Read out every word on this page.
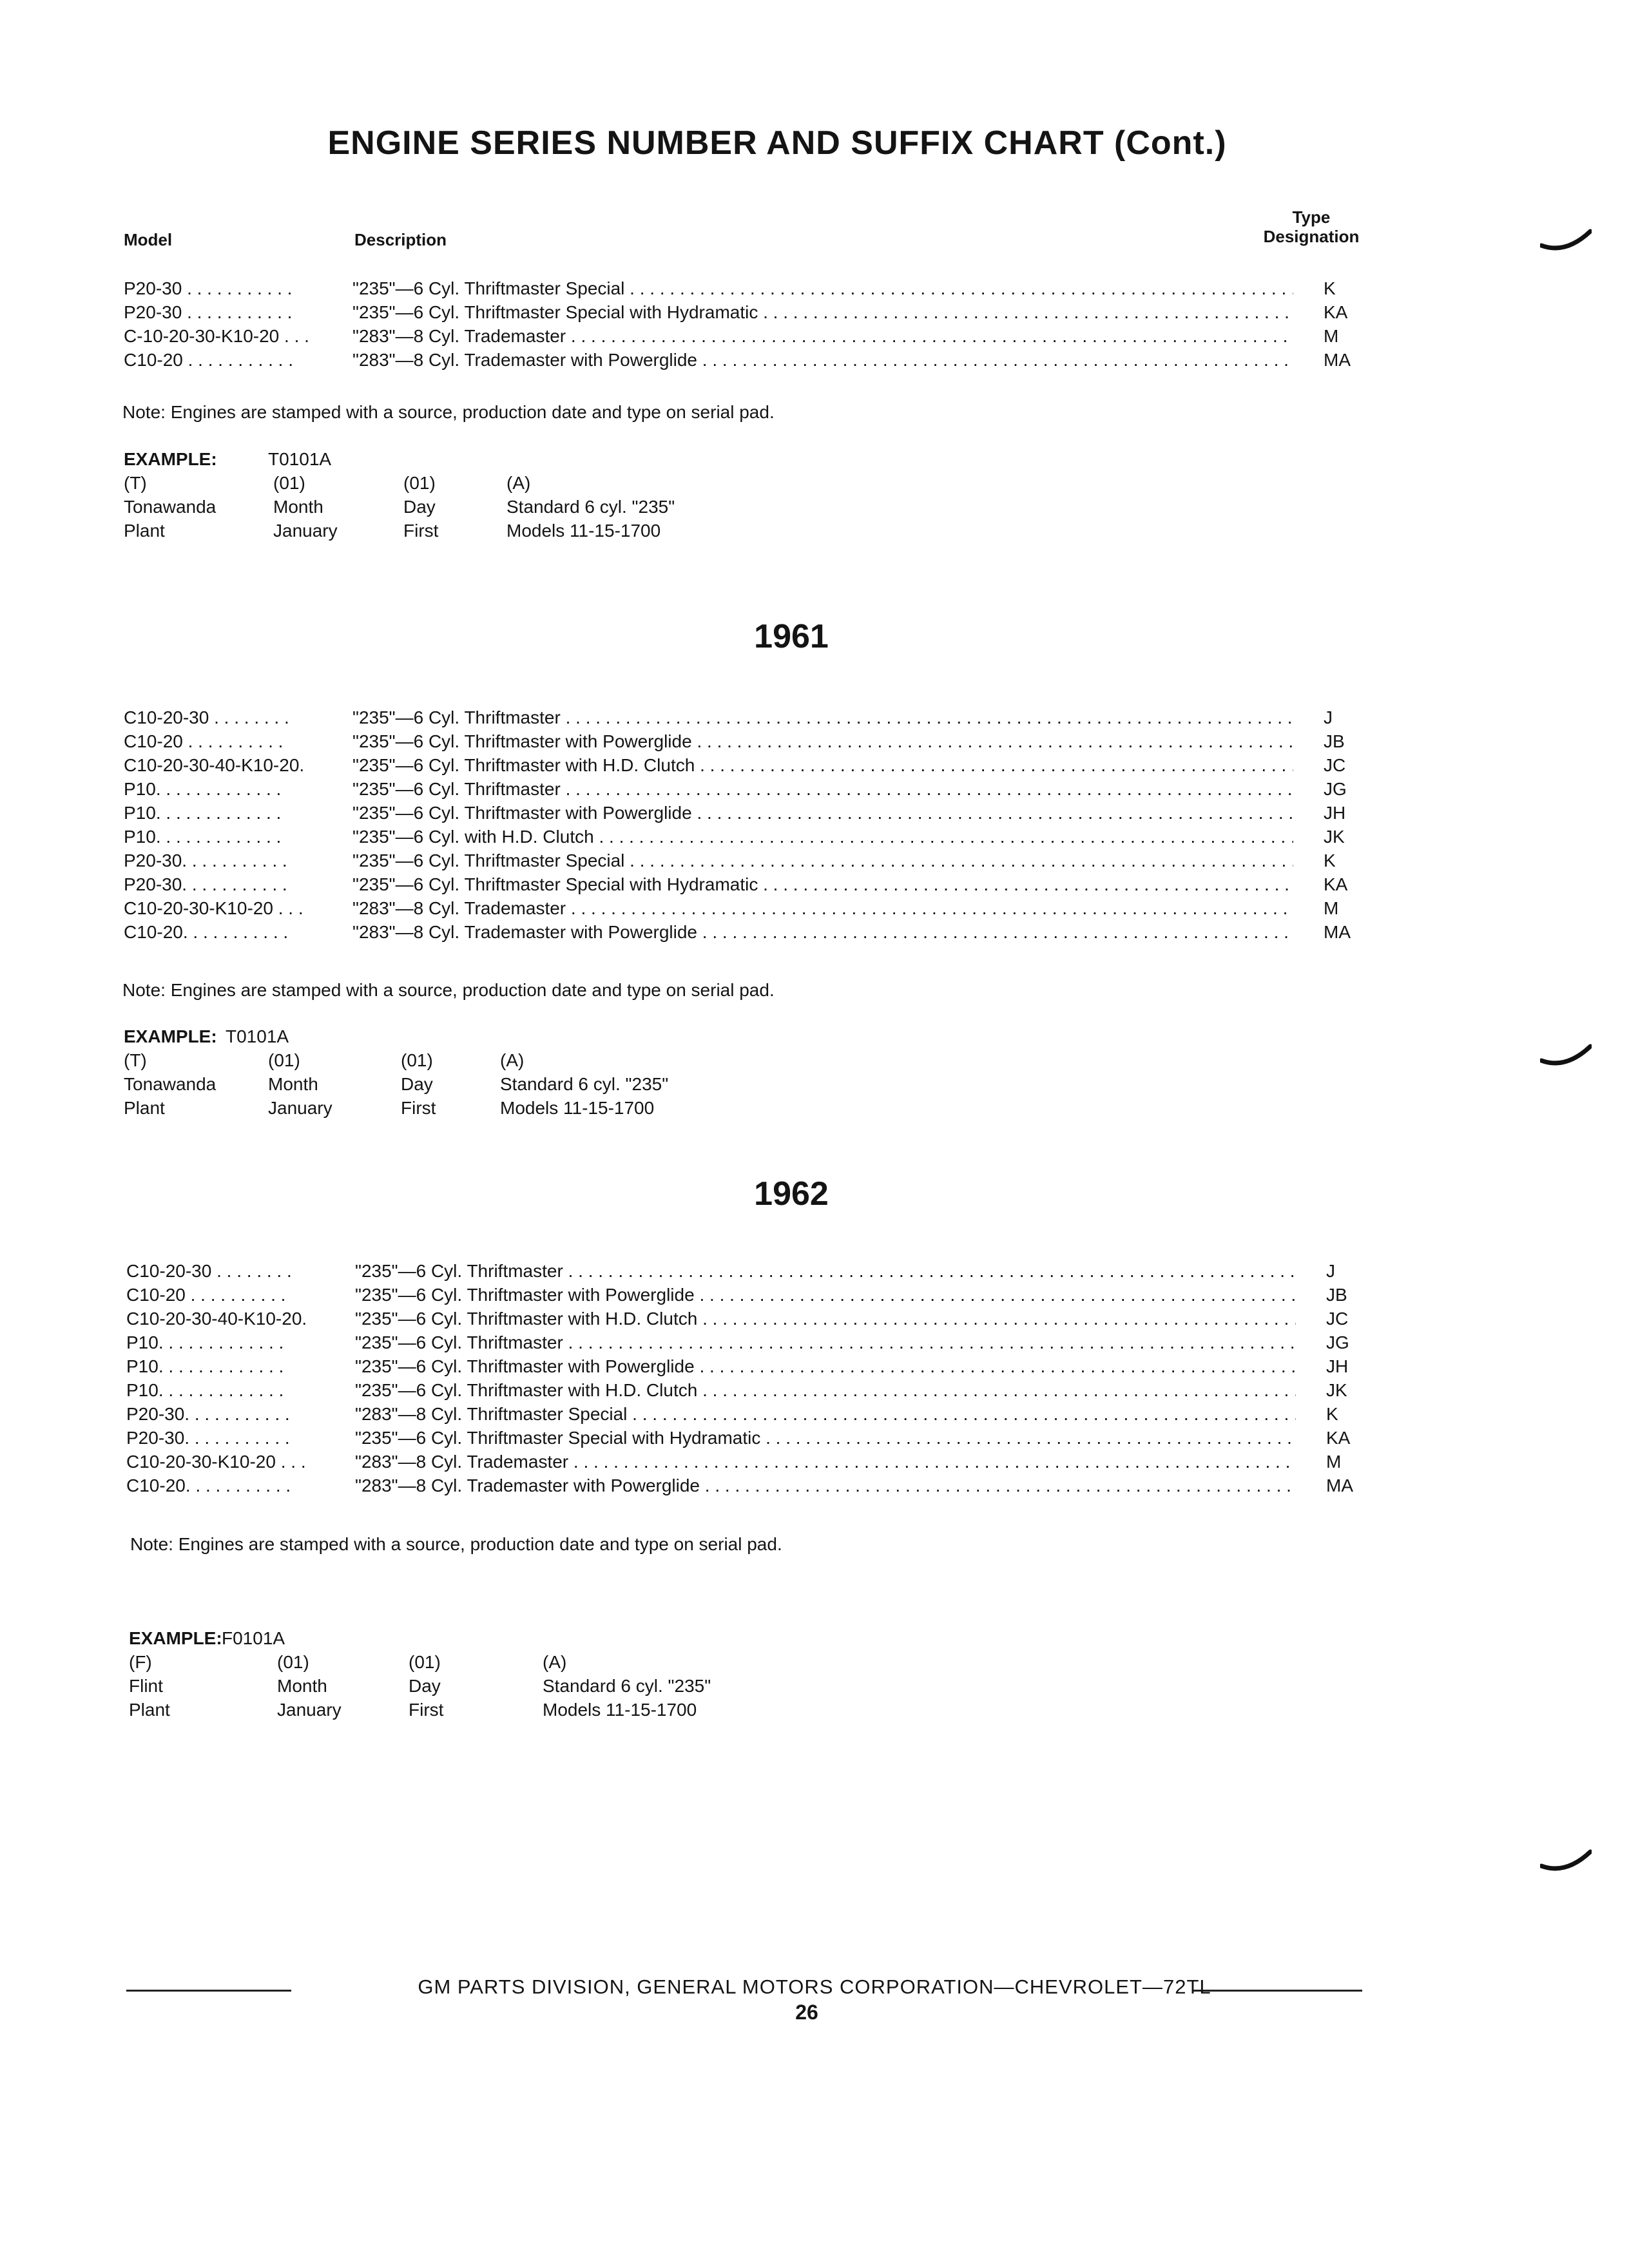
ENGINE SERIES NUMBER AND SUFFIX CHART (Cont.)
Model	Description
Type
Designation
P20-30 . . . . . . . . . . .	"235"—6 Cyl. Thriftmaster Special . . .	K
P20-30 . . . . . . . . . . .	"235"—6 Cyl. Thriftmaster Special with Hydramatic . . .	KA
C-10-20-30-K10-20 . . .	"283"—8 Cyl. Trademaster . . .	M
C10-20 . . . . . . . . . . .	"283"—8 Cyl. Trademaster with Powerglide . . .	MA
Note: Engines are stamped with a source, production date and type on serial pad.
EXAMPLE:	T0101A
(T)	(01)	(01)	(A)
Tonawanda	Month	Day	Standard 6 cyl. "235"
Plant	January	First	Models 11-15-1700
1961
C10-20-30 . . . . . . . .	"235"—6 Cyl. Thriftmaster . . .	J
C10-20 . . . . . . . . . .	"235"—6 Cyl. Thriftmaster with Powerglide . . .	JB
C10-20-30-40-K10-20.	"235"—6 Cyl. Thriftmaster with H.D. Clutch . . .	JC
P10. . . . . . . . . . . . .	"235"—6 Cyl. Thriftmaster . . .	JG
P10. . . . . . . . . . . . .	"235"—6 Cyl. Thriftmaster with Powerglide . . .	JH
P10. . . . . . . . . . . . .	"235"—6 Cyl. with H.D. Clutch . . .	JK
P20-30. . . . . . . . . . .	"235"—6 Cyl. Thriftmaster Special . . .	K
P20-30. . . . . . . . . . .	"235"—6 Cyl. Thriftmaster Special with Hydramatic . . .	KA
C10-20-30-K10-20 . . .	"283"—8 Cyl. Trademaster . . .	M
C10-20. . . . . . . . . . .	"283"—8 Cyl. Trademaster with Powerglide . . .	MA
Note: Engines are stamped with a source, production date and type on serial pad.
EXAMPLE: T0101A
(T)	(01)	(01)	(A)
Tonawanda	Month	Day	Standard 6 cyl. "235"
Plant	January	First	Models 11-15-1700
1962
C10-20-30 . . . . . . . .	"235"—6 Cyl. Thriftmaster . . .	J
C10-20 . . . . . . . . . .	"235"—6 Cyl. Thriftmaster with Powerglide . . .	JB
C10-20-30-40-K10-20.	"235"—6 Cyl. Thriftmaster with H.D. Clutch . . .	JC
P10. . . . . . . . . . . . .	"235"—6 Cyl. Thriftmaster . . .	JG
P10. . . . . . . . . . . . .	"235"—6 Cyl. Thriftmaster with Powerglide . . .	JH
P10. . . . . . . . . . . . .	"235"—6 Cyl. Thriftmaster with H.D. Clutch . . .	JK
P20-30. . . . . . . . . . .	"283"—8 Cyl. Thriftmaster Special . . .	K
P20-30. . . . . . . . . . .	"235"—6 Cyl. Thriftmaster Special with Hydramatic . . .	KA
C10-20-30-K10-20 . . .	"283"—8 Cyl. Trademaster . . .	M
C10-20. . . . . . . . . . .	"283"—8 Cyl. Trademaster with Powerglide . . .	MA
Note: Engines are stamped with a source, production date and type on serial pad.
EXAMPLE: F0101A
(F)	(01)	(01)	(A)
Flint	Month	Day	Standard 6 cyl. "235"
Plant	January	First	Models 11-15-1700
GM PARTS DIVISION, GENERAL MOTORS CORPORATION—CHEVROLET—72TL
26
